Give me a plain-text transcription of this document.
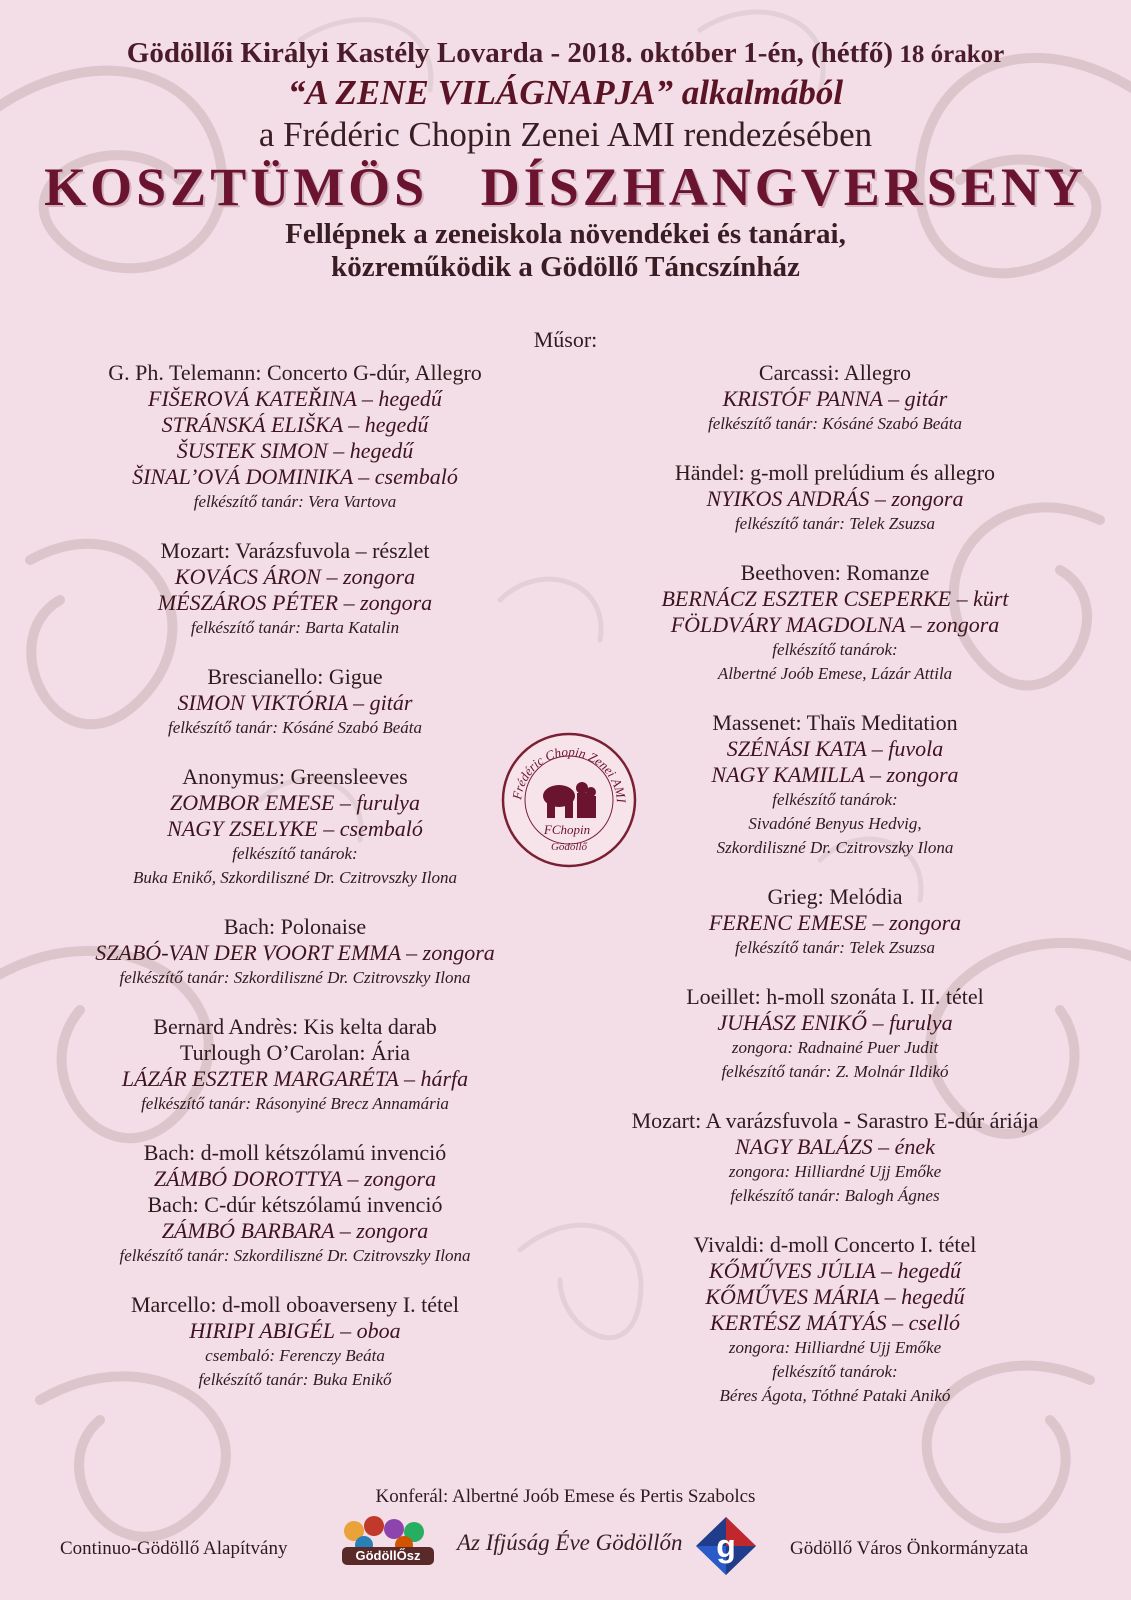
Gödöllői Királyi Kastély Lovarda - 2018. október 1-én, (hétfő) 18 órakor
“A ZENE VILÁGNAPJA” alkalmából
a Frédéric Chopin Zenei AMI rendezésében
KOSZTÜMÖS   DÍSZHANGVERSENY
Fellépnek a zeneiskola növendékei és tanárai,
közreműködik a Gödöllő Táncszínház
Műsor:
G. Ph. Telemann: Concerto G-dúr, Allegro
FIŠEROVÁ KATEŘINA – hegedű
STRÁNSKÁ ELIŠKA – hegedű
ŠUSTEK SIMON – hegedű
ŠINAL’OVÁ DOMINIKA – csembaló
felkészítő tanár: Vera Vartova
Mozart: Varázsfuvola – részlet
KOVÁCS ÁRON – zongora
MÉSZÁROS PÉTER – zongora
felkészítő tanár: Barta Katalin
Brescianello: Gigue
SIMON VIKTÓRIA – gitár
felkészítő tanár: Kósáné Szabó Beáta
Anonymus: Greensleeves
ZOMBOR EMESE – furulya
NAGY ZSELYKE – csembaló
felkészítő tanárok:
Buka Enikő, Szkordiliszné Dr. Czitrovszky Ilona
Bach: Polonaise
SZABÓ-VAN DER VOORT EMMA – zongora
felkészítő tanár: Szkordiliszné Dr. Czitrovszky Ilona
Bernard Andrès: Kis kelta darab
Turlough O’Carolan: Ária
LÁZÁR ESZTER MARGARÉTA – hárfa
felkészítő tanár: Rásonyiné Brecz Annamária
Bach: d-moll kétszólamú invenció
ZÁMBÓ DOROTTYA – zongora
Bach: C-dúr kétszólamú invenció
ZÁMBÓ BARBARA – zongora
felkészítő tanár: Szkordiliszné Dr. Czitrovszky Ilona
Marcello: d-moll oboaverseny I. tétel
HIRIPI ABIGÉL – oboa
csembaló: Ferenczy Beáta
felkészítő tanár: Buka Enikő
Carcassi: Allegro
KRISTÓF PANNA – gitár
felkészítő tanár: Kósáné Szabó Beáta
Händel: g-moll prelúdium és allegro
NYIKOS ANDRÁS – zongora
felkészítő tanár: Telek Zsuzsa
Beethoven: Romanze
BERNÁCZ ESZTER CSEPERKE – kürt
FÖLDVÁRY MAGDOLNA – zongora
felkészítő tanárok:
Albertné Joób Emese, Lázár Attila
Massenet: Thaïs Meditation
SZÉNÁSI KATA – fuvola
NAGY KAMILLA – zongora
felkészítő tanárok:
Sivadóné Benyus Hedvig,
Szkordiliszné Dr. Czitrovszky Ilona
Grieg: Melódia
FERENC EMESE – zongora
felkészítő tanár: Telek Zsuzsa
Loeillet: h-moll szonáta I. II. tétel
JUHÁSZ ENIKŐ – furulya
zongora: Radnainé Puer Judit
felkészítő tanár: Z. Molnár Ildikó
Mozart: A varázsfuvola - Sarastro E-dúr áriája
NAGY BALÁZS – ének
zongora: Hilliardné Ujj Emőke
felkészítő tanár: Balogh Ágnes
Vivaldi: d-moll Concerto I. tétel
KŐMŰVES JÚLIA – hegedű
KŐMŰVES MÁRIA – hegedű
KERTÉSZ MÁTYÁS – cselló
zongora: Hilliardné Ujj Emőke
felkészítő tanárok:
Béres Ágota, Tóthné Pataki Anikó
Frédéric Chopin Zenei AMI
FChopin
Gödöllő
Konferál: Albertné Joób Emese és Pertis Szabolcs
Continuo-Gödöllő Alapítvány	GödöllŐsz
Az Ifjúság Éve Gödöllőn g	Gödöllő Város Önkormányzata
